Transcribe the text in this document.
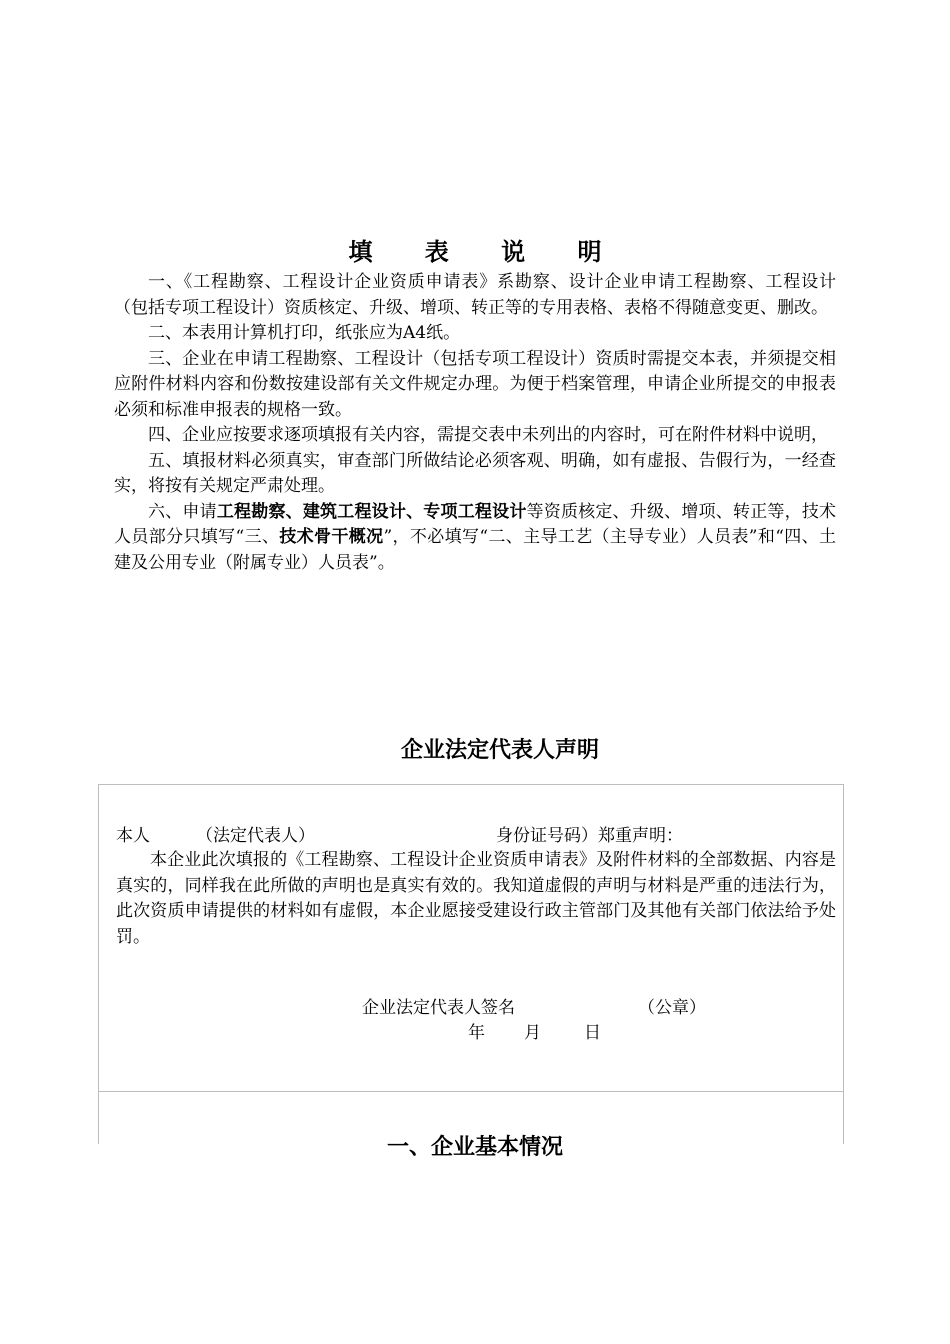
填 表 说 明

一、《工程勘察、工程设计企业资质申请表》系勘察、设计企业申请工程勘察、工程设计（包括专项工程设计）资质核定、升级、增项、转正等的专用表格、表格不得随意变更、删改。

二、本表用计算机打印，纸张应为A4纸。

三、企业在申请工程勘察、工程设计（包括专项工程设计）资质时需提交本表，并须提交相应附件材料内容和份数按建设部有关文件规定办理。为便于档案管理，申请企业所提交的申报表必须和标准申报表的规格一致。

四、企业应按要求逐项填报有关内容，需提交表中未列出的内容时，可在附件材料中说明，

五、填报材料必须真实，审查部门所做结论必须客观、明确，如有虚报、告假行为，一经查实，将按有关规定严肃处理。

六、申请工程勘察、建筑工程设计、专项工程设计等资质核定、升级、增项、转正等，技术人员部分只填写“三、技术骨干概况”，不必填写“二、主导工艺（主导专业）人员表”和“四、土建及公用专业（附属专业）人员表”。

企业法定代表人声明
本人	（法定代表人）	身份证号码）郑重声明：

本企业此次填报的《工程勘察、工程设计企业资质申请表》及附件材料的全部数据、内容是真实的，同样我在此所做的声明也是真实有效的。我知道虚假的声明与材料是严重的违法行为，此次资质申请提供的材料如有虚假，本企业愿接受建设行政主管部门及其他有关部门依法给予处罚。

企业法定代表人签名	（公章）
年 月	日
一、企业基本情况
